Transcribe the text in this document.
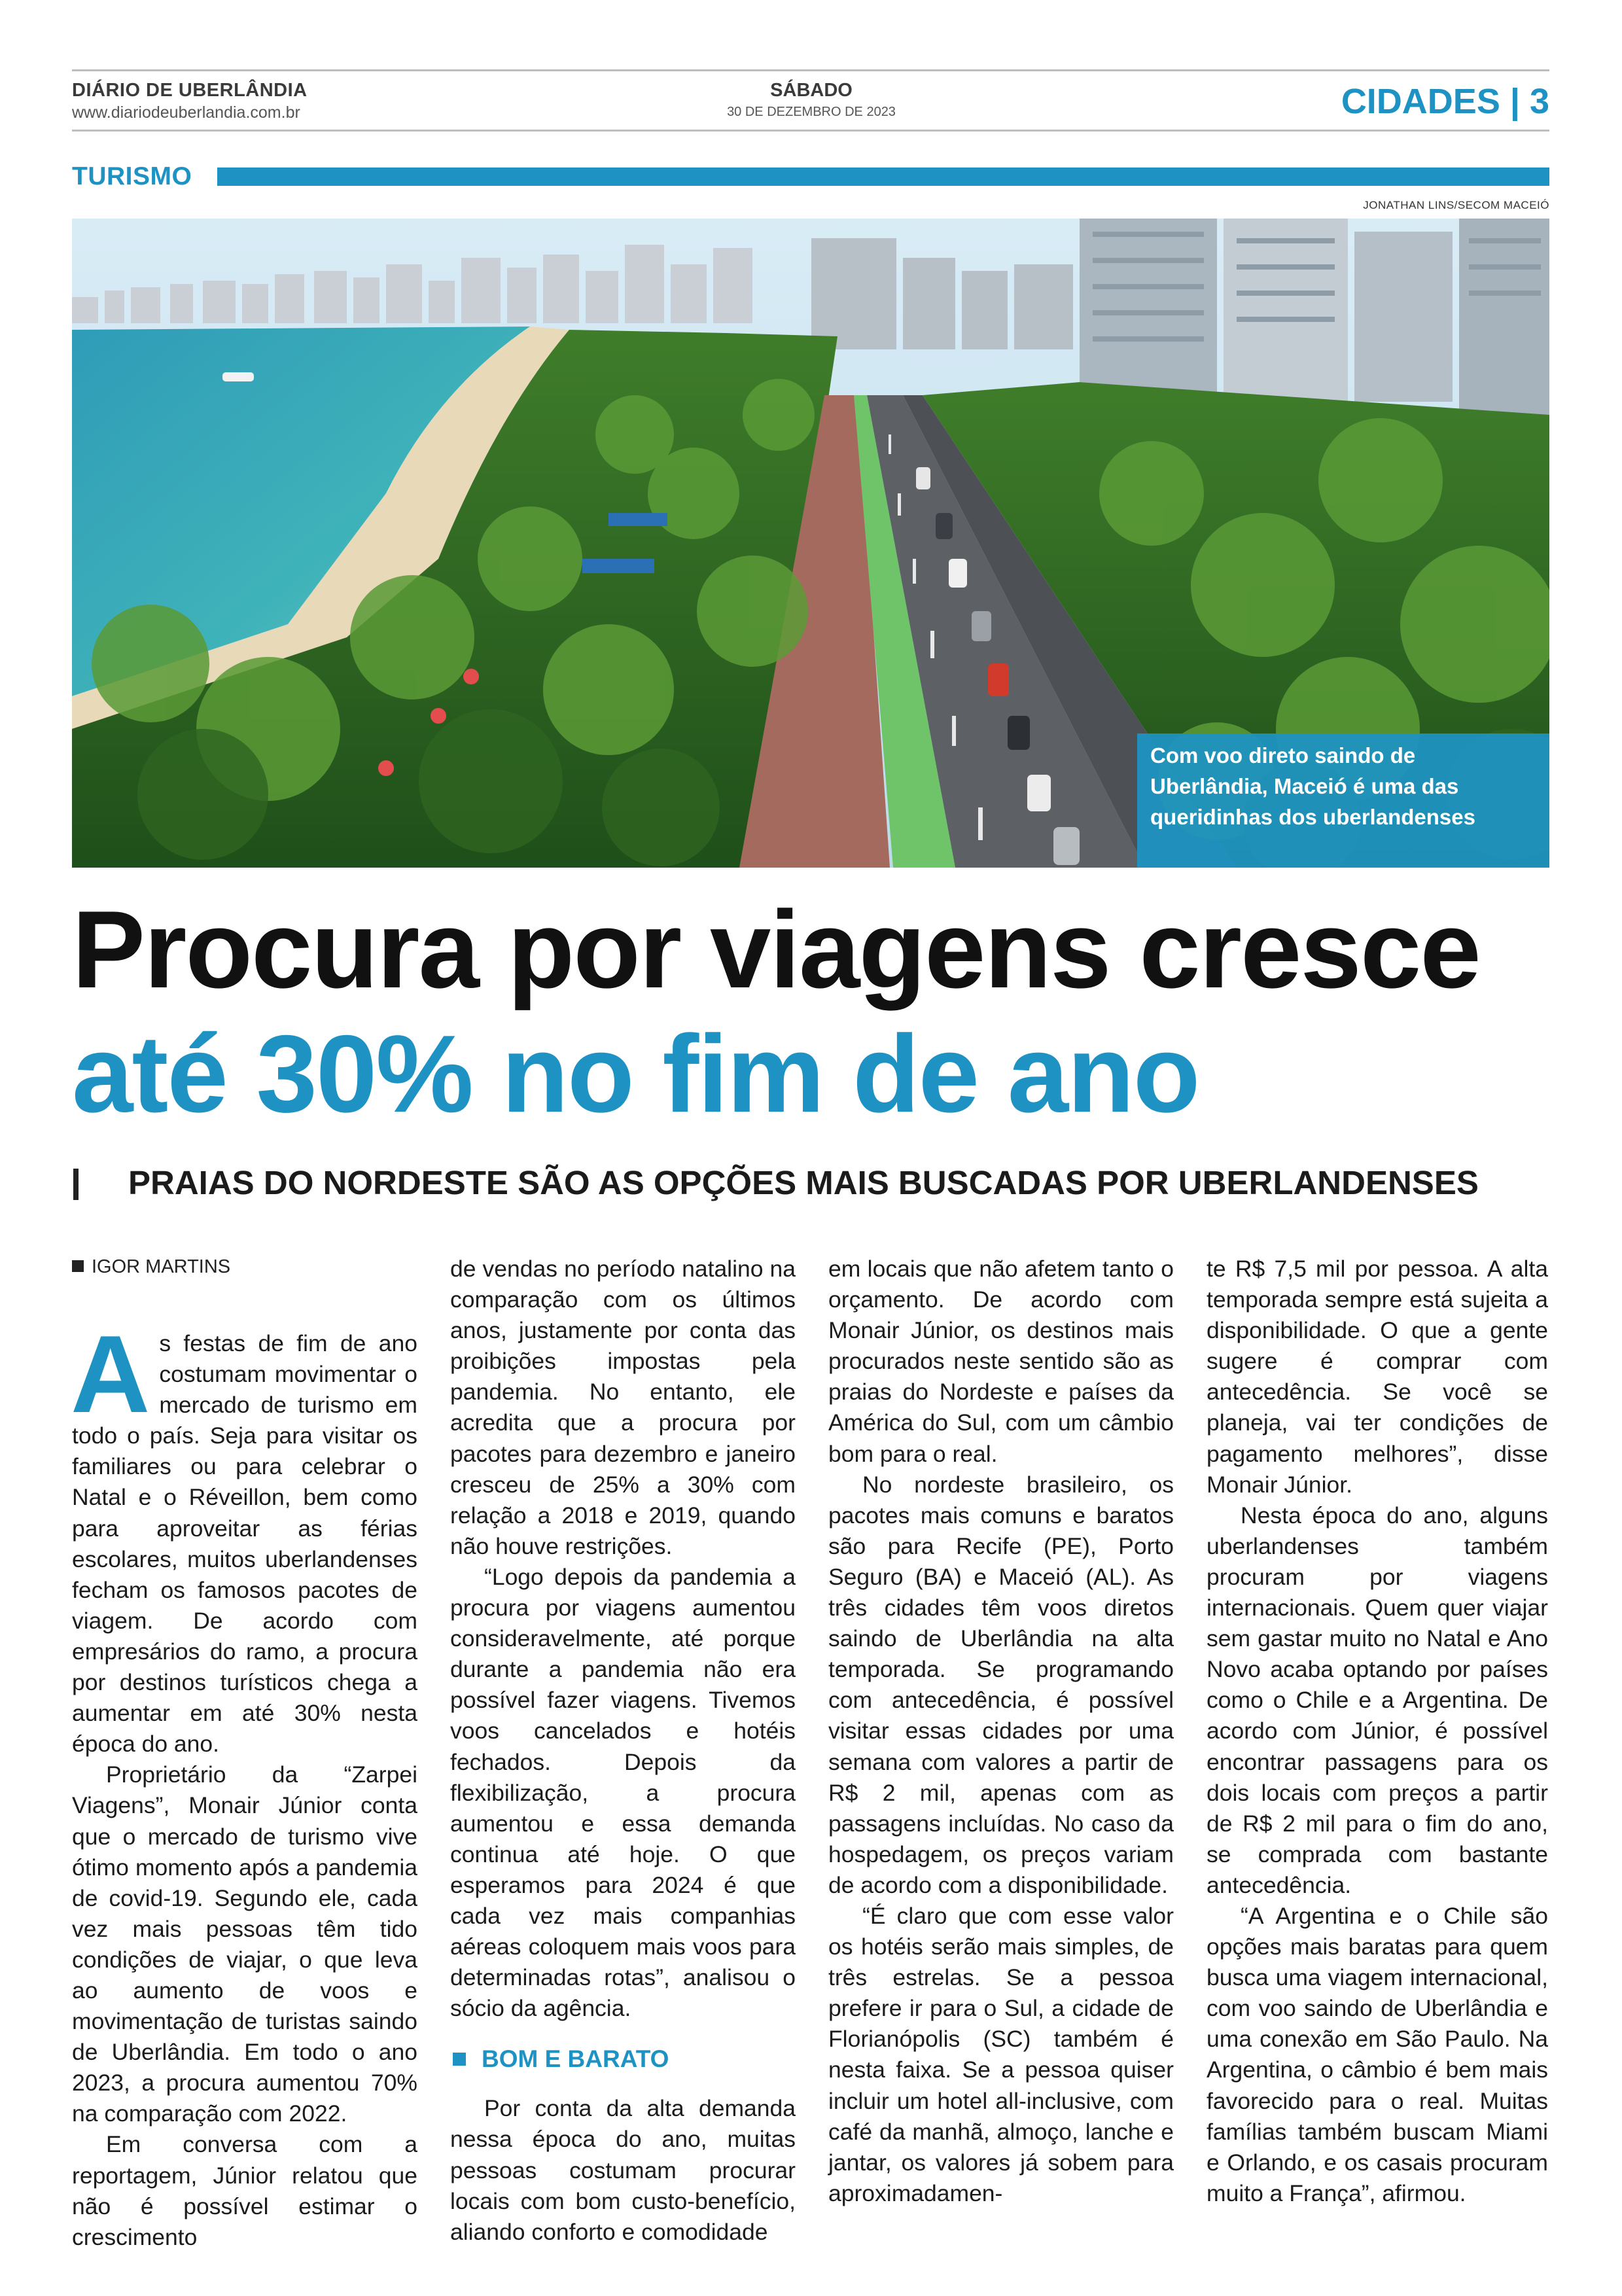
DIÁRIO DE UBERLÂNDIA
www.diariodeuberlandia.com.br
SÁBADO
30 DE DEZEMBRO DE 2023	CIDADES | 3
TURISMO
JONATHAN LINS/SECOM MACEIÓ
Com voo direto saindo de Uberlândia, Maceió é uma das queridinhas dos uberlandenses
Procura por viagens cresce
até 30% no fim de ano
PRAIAS DO NORDESTE SÃO AS OPÇÕES MAIS BUSCADAS POR UBERLANDENSES
IGOR MARTINS

As festas de fim de ano costumam movimentar o mercado de turismo em todo o país. Seja para visitar os familiares ou para celebrar o Natal e o Réveillon, bem como para aproveitar as férias escolares, muitos uberlandenses fecham os famosos pacotes de viagem. De acordo com empresários do ramo, a procura por destinos turísticos chega a aumentar em até 30% nesta época do ano.

Proprietário da “Zarpei Viagens”, Monair Júnior conta que o mercado de turismo vive ótimo momento após a pandemia de covid-19. Segundo ele, cada vez mais pessoas têm tido condições de viajar, o que leva ao aumento de voos e movimentação de turistas saindo de Uberlândia. Em todo o ano 2023, a procura aumentou 70% na comparação com 2022.

Em conversa com a reportagem, Júnior relatou que não é possível estimar o crescimento

de vendas no período natalino na comparação com os últimos anos, justamente por conta das proibições impostas pela pandemia. No entanto, ele acredita que a procura por pacotes para dezembro e janeiro cresceu de 25% a 30% com relação a 2018 e 2019, quando não houve restrições.

“Logo depois da pandemia a procura por viagens aumentou consideravelmente, até porque durante a pandemia não era possível fazer viagens. Tivemos voos cancelados e hotéis fechados. Depois da flexibilização, a procura aumentou e essa demanda continua até hoje. O que esperamos para 2024 é que cada vez mais companhias aéreas coloquem mais voos para determinadas rotas”, analisou o sócio da agência.

BOM E BARATO

Por conta da alta demanda nessa época do ano, muitas pessoas costumam procurar locais com bom custo-benefício, aliando conforto e comodidade

em locais que não afetem tanto o orçamento. De acordo com Monair Júnior, os destinos mais procurados neste sentido são as praias do Nordeste e países da América do Sul, com um câmbio bom para o real.

No nordeste brasileiro, os pacotes mais comuns e baratos são para Recife (PE), Porto Seguro (BA) e Maceió (AL). As três cidades têm voos diretos saindo de Uberlândia na alta temporada. Se programando com antecedência, é possível visitar essas cidades por uma semana com valores a partir de R$ 2 mil, apenas com as passagens incluídas. No caso da hospedagem, os preços variam de acordo com a disponibilidade.

“É claro que com esse valor os hotéis serão mais simples, de três estrelas. Se a pessoa prefere ir para o Sul, a cidade de Florianópolis (SC) também é nesta faixa. Se a pessoa quiser incluir um hotel all-inclusive, com café da manhã, almoço, lanche e jantar, os valores já sobem para aproximadamen-

te R$ 7,5 mil por pessoa. A alta temporada sempre está sujeita a disponibilidade. O que a gente sugere é comprar com antecedência. Se você se planeja, vai ter condições de pagamento melhores”, disse Monair Júnior.

Nesta época do ano, alguns uberlandenses também procuram por viagens internacionais. Quem quer viajar sem gastar muito no Natal e Ano Novo acaba optando por países como o Chile e a Argentina. De acordo com Júnior, é possível encontrar passagens para os dois locais com preços a partir de R$ 2 mil para o fim do ano, se comprada com bastante antecedência.

“A Argentina e o Chile são opções mais baratas para quem busca uma viagem internacional, com voo saindo de Uberlândia e uma conexão em São Paulo. Na Argentina, o câmbio é bem mais favorecido para o real. Muitas famílias também buscam Miami e Orlando, e os casais procuram muito a França”, afirmou.
